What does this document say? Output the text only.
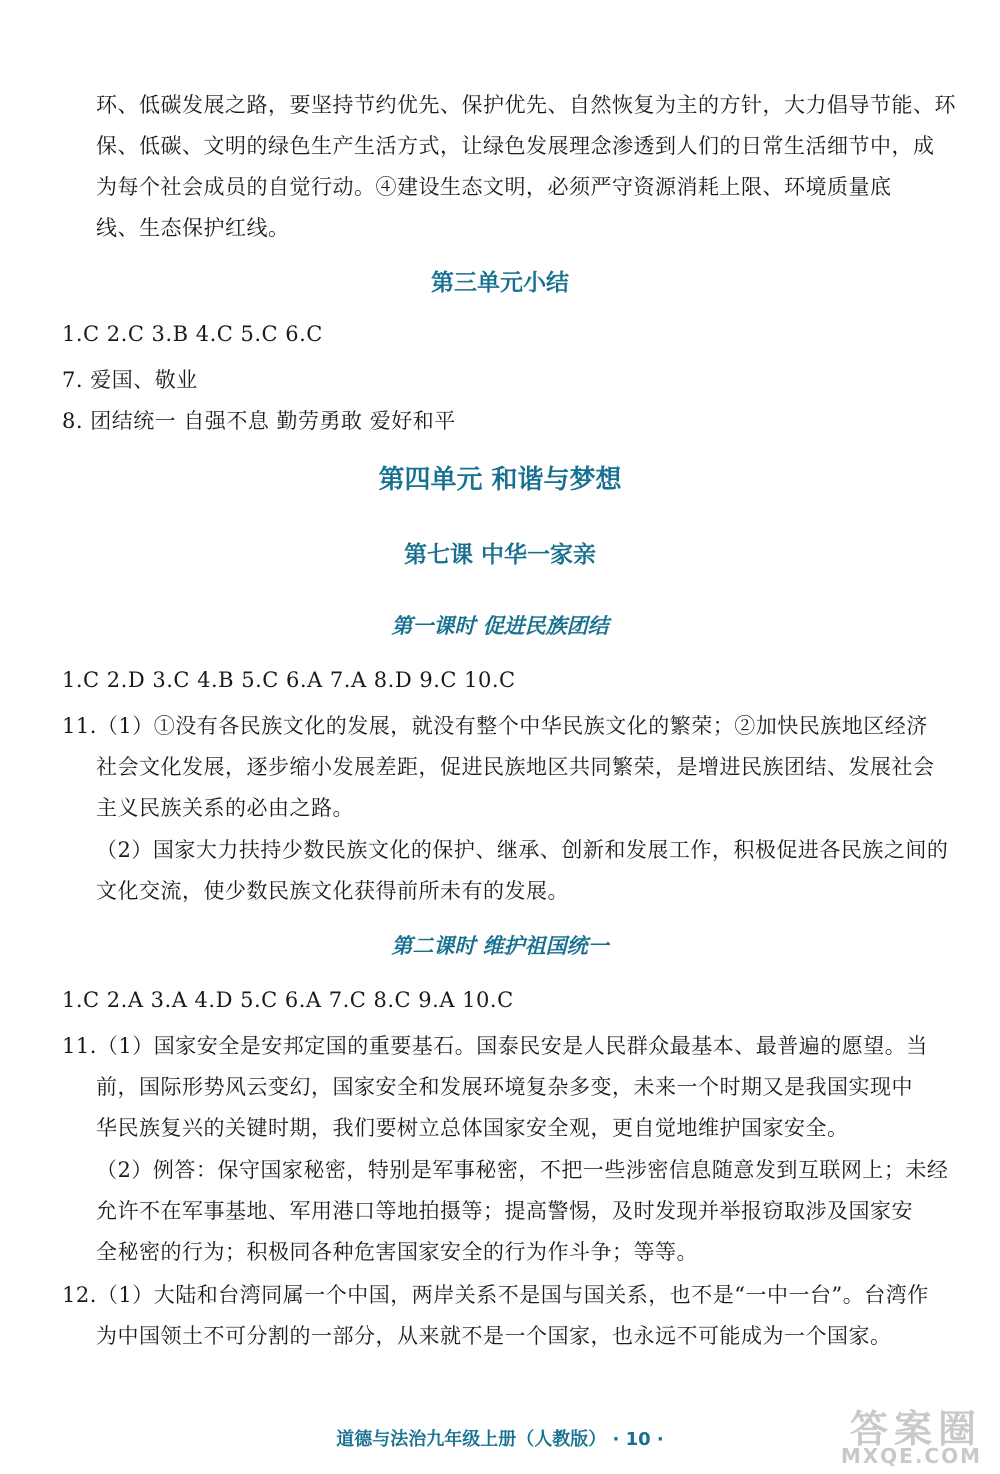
环、低碳发展之路，要坚持节约优先、保护优先、自然恢复为主的方针，大力倡导节能、环
保、低碳、文明的绿色生产生活方式，让绿色发展理念渗透到人们的日常生活细节中，成
为每个社会成员的自觉行动。④建设生态文明，必须严守资源消耗上限、环境质量底
线、生态保护红线。
第三单元小结
1.C 2.C 3.B 4.C 5.C 6.C
7. 爱国、敬业
8. 团结统一 自强不息 勤劳勇敢 爱好和平
第四单元 和谐与梦想
第七课 中华一家亲
第一课时 促进民族团结
1.C 2.D 3.C 4.B 5.C 6.A 7.A 8.D 9.C 10.C
11.（1）①没有各民族文化的发展，就没有整个中华民族文化的繁荣；②加快民族地区经济
社会文化发展，逐步缩小发展差距，促进民族地区共同繁荣，是增进民族团结、发展社会
主义民族关系的必由之路。
（2）国家大力扶持少数民族文化的保护、继承、创新和发展工作，积极促进各民族之间的
文化交流，使少数民族文化获得前所未有的发展。
第二课时 维护祖国统一
1.C 2.A 3.A 4.D 5.C 6.A 7.C 8.C 9.A 10.C
11.（1）国家安全是安邦定国的重要基石。国泰民安是人民群众最基本、最普遍的愿望。当
前，国际形势风云变幻，国家安全和发展环境复杂多变，未来一个时期又是我国实现中
华民族复兴的关键时期，我们要树立总体国家安全观，更自觉地维护国家安全。
（2）例答：保守国家秘密，特别是军事秘密，不把一些涉密信息随意发到互联网上；未经
允许不在军事基地、军用港口等地拍摄等；提高警惕，及时发现并举报窃取涉及国家安
全秘密的行为；积极同各种危害国家安全的行为作斗争；等等。
12.（1）大陆和台湾同属一个中国，两岸关系不是国与国关系，也不是“一中一台”。台湾作
为中国领土不可分割的一部分，从来就不是一个国家，也永远不可能成为一个国家。
道德与法治九年级上册（人教版） · 10 ·	答案圈
MXQE.COM
